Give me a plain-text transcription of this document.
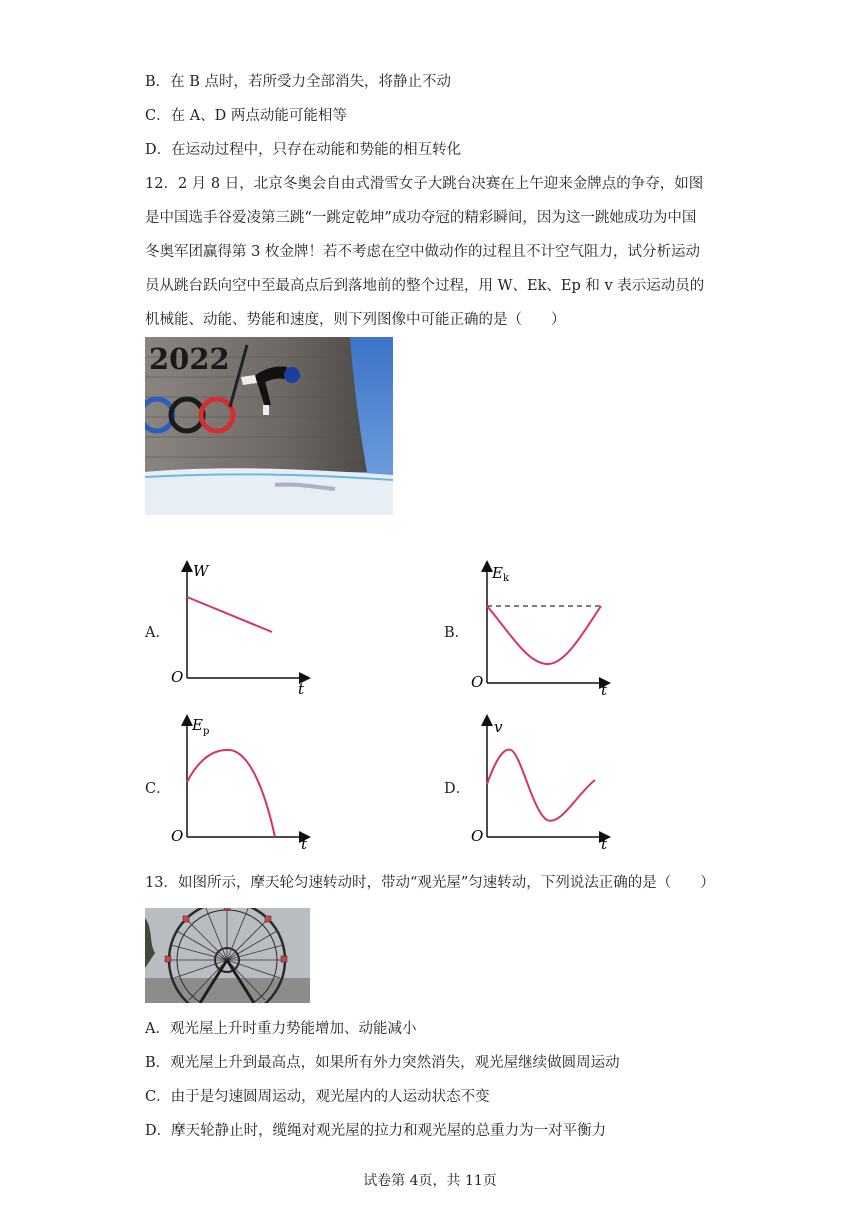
B．在 B 点时，若所受力全部消失，将静止不动
C．在 A、D 两点动能可能相等
D．在运动过程中，只存在动能和势能的相互转化

12．2 月 8 日，北京冬奥会自由式滑雪女子大跳台决赛在上午迎来金牌点的争夺，如图

是中国选手谷爱凌第三跳“一跳定乾坤”成功夺冠的精彩瞬间，因为这一跳她成功为中国

冬奥军团赢得第 3 枚金牌！若不考虑在空中做动作的过程且不计空气阻力，试分析运动

员从跳台跃向空中至最高点后到落地前的整个过程，用 W、Ek、Ep 和 v 表示运动员的

机械能、动能、势能和速度，则下列图像中可能正确的是（　　）

2022
A．
W
O
t
B．
E k
O	t
C．
E p
O	t
D．
v
O	t
13．如图所示，摩天轮匀速转动时，带动“观光屋”匀速转动，下列说法正确的是（　　）
A．观光屋上升时重力势能增加、动能减小
B．观光屋上升到最高点，如果所有外力突然消失，观光屋继续做圆周运动
C．由于是匀速圆周运动，观光屋内的人运动状态不变
D．摩天轮静止时，缆绳对观光屋的拉力和观光屋的总重力为一对平衡力
试卷第 4页，共 11页
